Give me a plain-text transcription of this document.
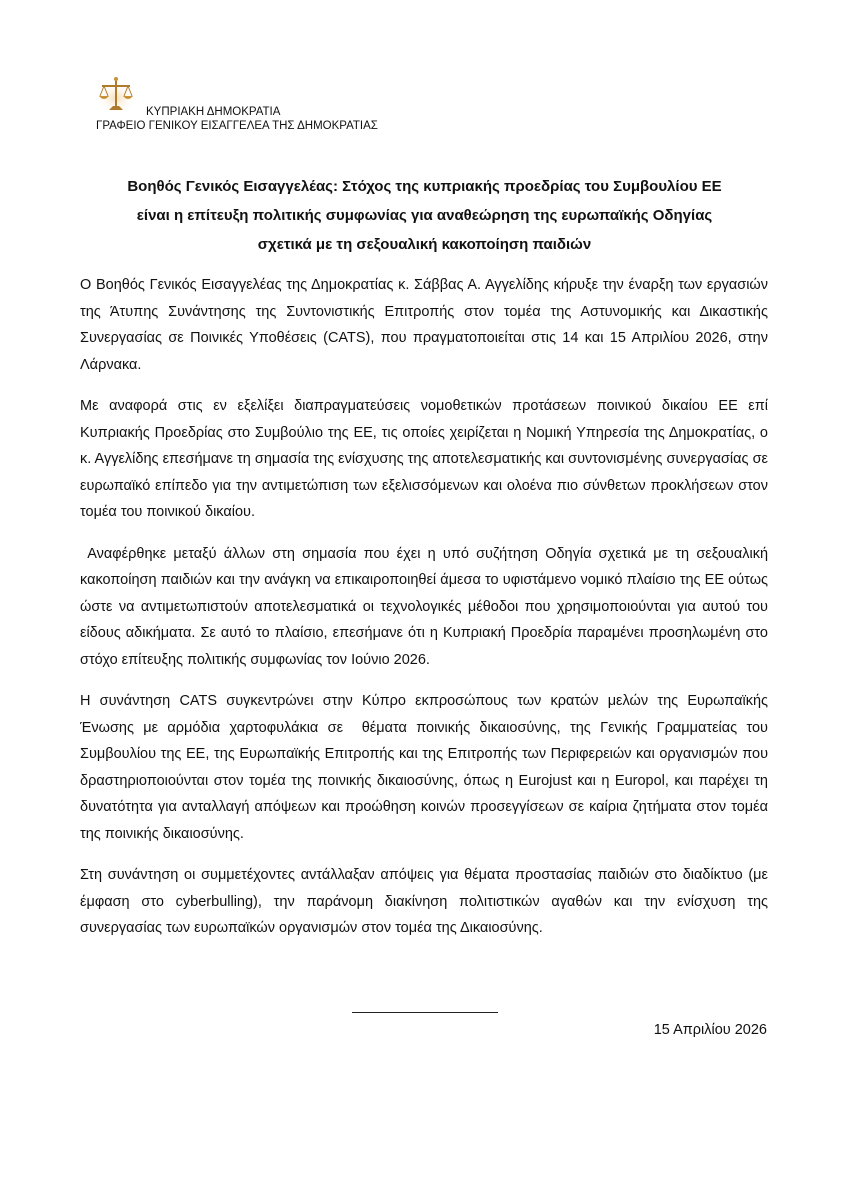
ΚΥΠΡΙΑΚΗ ΔΗΜΟΚΡΑΤΙΑ
ΓΡΑΦΕΙΟ ΓΕΝΙΚΟΥ ΕΙΣΑΓΓΕΛΕΑ ΤΗΣ ΔΗΜΟΚΡΑΤΙΑΣ
Βοηθός Γενικός Εισαγγελέας: Στόχος της κυπριακής προεδρίας του Συμβουλίου ΕΕ
είναι η επίτευξη πολιτικής συμφωνίας για αναθεώρηση της ευρωπαϊκής Οδηγίας
σχετικά με τη σεξουαλική κακοποίηση παιδιών

Ο Βοηθός Γενικός Εισαγγελέας της Δημοκρατίας κ. Σάββας Α. Αγγελίδης κήρυξε την έναρξη των εργασιών της Άτυπης Συνάντησης της Συντονιστικής Επιτροπής στον τομέα της Αστυνομικής και Δικαστικής Συνεργασίας σε Ποινικές Υποθέσεις (CATS), που πραγματοποιείται στις 14 και 15 Απριλίου 2026, στην Λάρνακα.

Με αναφορά στις εν εξελίξει διαπραγματεύσεις νομοθετικών προτάσεων ποινικού δικαίου ΕΕ επί Κυπριακής Προεδρίας στο Συμβούλιο της ΕΕ, τις οποίες χειρίζεται η Νομική Υπηρεσία της Δημοκρατίας, ο κ. Αγγελίδης επεσήμανε τη σημασία της ενίσχυσης της αποτελεσματικής και συντονισμένης συνεργασίας σε ευρωπαϊκό επίπεδο για την αντιμετώπιση των εξελισσόμενων και ολοένα πιο σύνθετων προκλήσεων στον τομέα του ποινικού δικαίου.

Αναφέρθηκε μεταξύ άλλων στη σημασία που έχει η υπό συζήτηση Οδηγία σχετικά με τη σεξουαλική κακοποίηση παιδιών και την ανάγκη να επικαιροποιηθεί άμεσα το υφιστάμενο νομικό πλαίσιο της ΕΕ ούτως ώστε να αντιμετωπιστούν αποτελεσματικά οι τεχνολογικές μέθοδοι που χρησιμοποιούνται για αυτού του είδους αδικήματα. Σε αυτό το πλαίσιο, επεσήμανε ότι η Κυπριακή Προεδρία παραμένει προσηλωμένη στο στόχο επίτευξης πολιτικής συμφωνίας τον Ιούνιο 2026.

Η συνάντηση CATS συγκεντρώνει στην Κύπρο εκπροσώπους των κρατών μελών της Ευρωπαϊκής Ένωσης με αρμόδια χαρτοφυλάκια σε  θέματα ποινικής δικαιοσύνης, της Γενικής Γραμματείας του Συμβουλίου της ΕΕ, της Ευρωπαϊκής Επιτροπής και της Επιτροπής των Περιφερειών και οργανισμών που δραστηριοποιούνται στον τομέα της ποινικής δικαιοσύνης, όπως η Eurojust και η Europol, και παρέχει τη δυνατότητα για ανταλλαγή απόψεων και προώθηση κοινών προσεγγίσεων σε καίρια ζητήματα στον τομέα της ποινικής δικαιοσύνης.

Στη συνάντηση οι συμμετέχοντες αντάλλαξαν απόψεις για θέματα προστασίας παιδιών στο διαδίκτυο (με έμφαση στο cyberbulling), την παράνομη διακίνηση πολιτιστικών αγαθών και την ενίσχυση της συνεργασίας των ευρωπαϊκών οργανισμών στον τομέα της Δικαιοσύνης.

15 Απριλίου 2026
